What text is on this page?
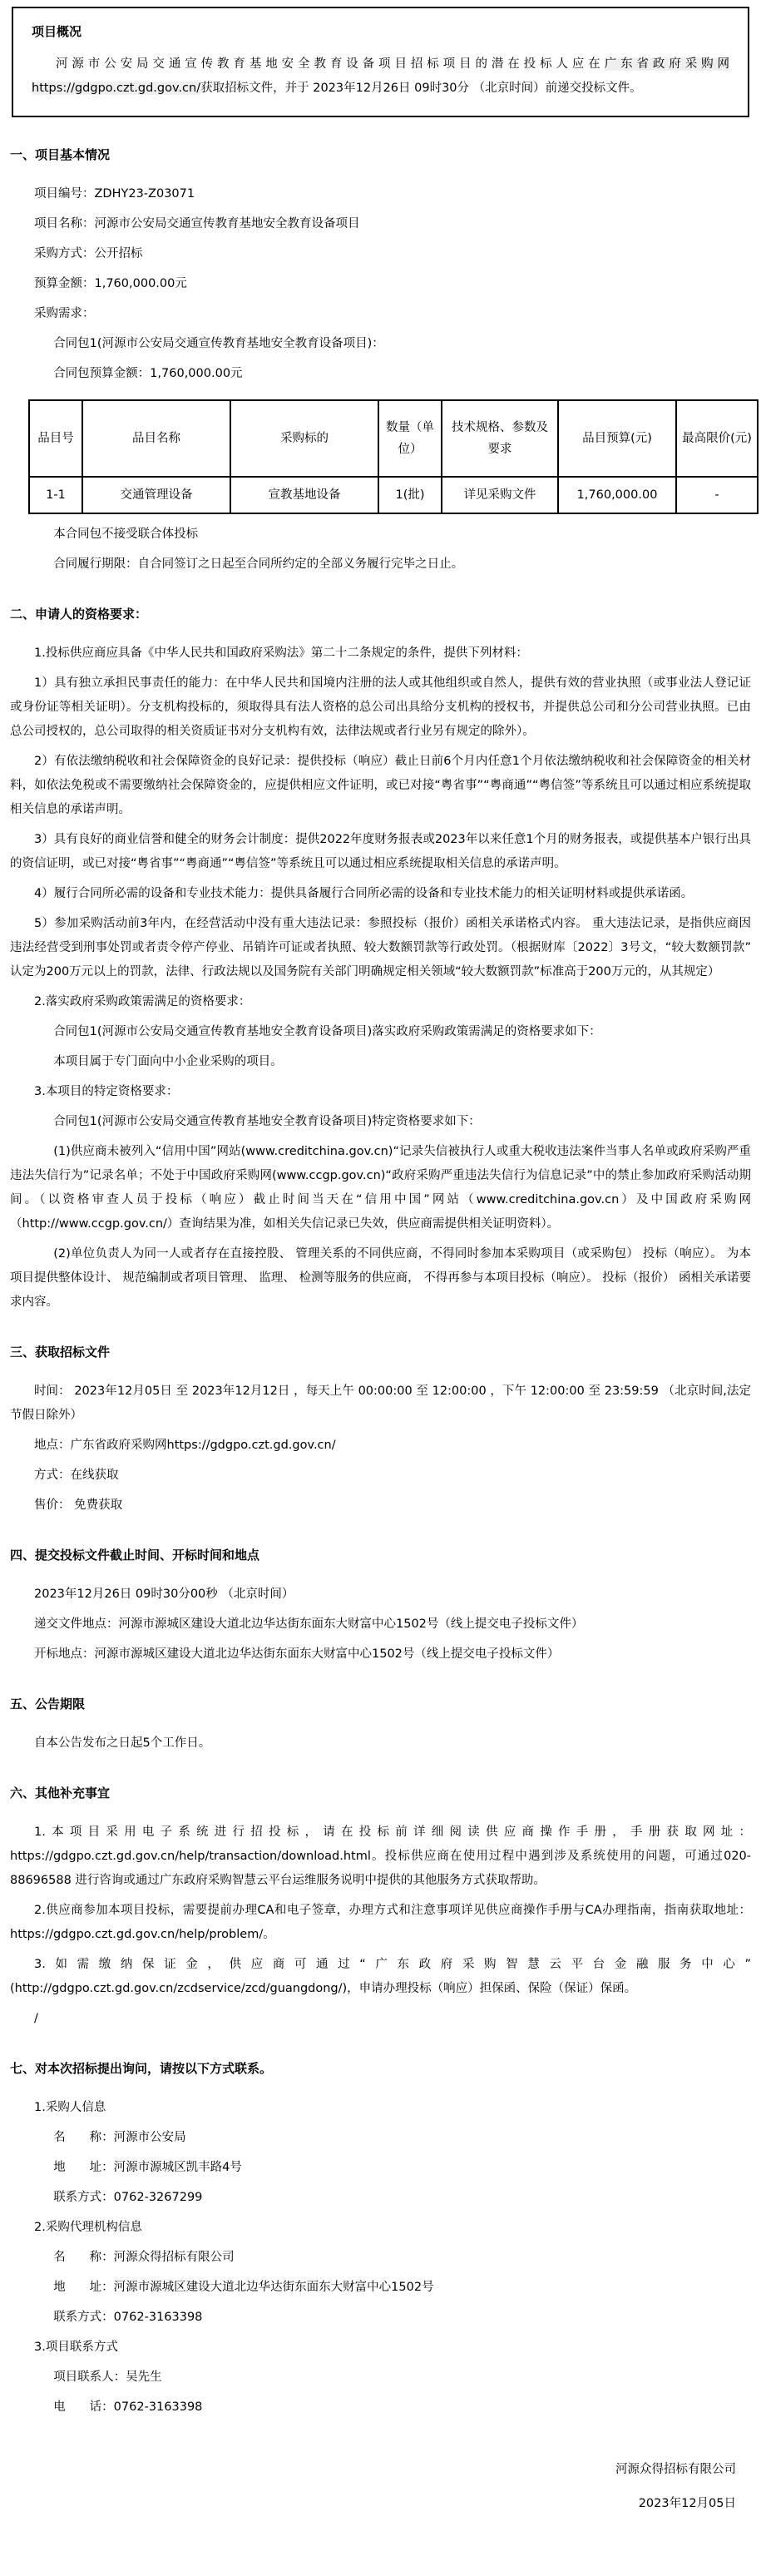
项目概况

河源市公安局交通宣传教育基地安全教育设备项目招标项目的潜在投标人应在广东省政府采购网https://gdgpo.czt.gd.gov.cn/获取招标文件，并于 2023年12月26日 09时30分 （北京时间）前递交投标文件。

一、项目基本情况

项目编号：ZDHY23-Z03071

项目名称：河源市公安局交通宣传教育基地安全教育设备项目

采购方式：公开招标

预算金额：1,760,000.00元

采购需求：

合同包1(河源市公安局交通宣传教育基地安全教育设备项目)：

合同包预算金额：1,760,000.00元

品目号	品目名称	采购标的	数量（单位）	技术规格、参数及要求	品目预算(元)	最高限价(元)
1-1	交通管理设备	宣教基地设备	1(批)	详见采购文件	1,760,000.00	-

本合同包不接受联合体投标

合同履行期限：自合同签订之日起至合同所约定的全部义务履行完毕之日止。

二、申请人的资格要求：

1.投标供应商应具备《中华人民共和国政府采购法》第二十二条规定的条件，提供下列材料：

1）具有独立承担民事责任的能力：在中华人民共和国境内注册的法人或其他组织或自然人，提供有效的营业执照（或事业法人登记证或身份证等相关证明）。分支机构投标的，须取得具有法人资格的总公司出具给分支机构的授权书，并提供总公司和分公司营业执照。已由总公司授权的，总公司取得的相关资质证书对分支机构有效，法律法规或者行业另有规定的除外）。

2）有依法缴纳税收和社会保障资金的良好记录：提供投标（响应）截止日前6个月内任意1个月依法缴纳税收和社会保障资金的相关材料，如依法免税或不需要缴纳社会保障资金的，应提供相应文件证明，或已对接“粤省事”“粤商通”“粤信签”等系统且可以通过相应系统提取相关信息的承诺声明。

3）具有良好的商业信誉和健全的财务会计制度：提供2022年度财务报表或2023年以来任意1个月的财务报表，或提供基本户银行出具的资信证明，或已对接“粤省事”“粤商通”“粤信签”等系统且可以通过相应系统提取相关信息的承诺声明。

4）履行合同所必需的设备和专业技术能力：提供具备履行合同所必需的设备和专业技术能力的相关证明材料或提供承诺函。

5）参加采购活动前3年内，在经营活动中没有重大违法记录：参照投标（报价）函相关承诺格式内容。 重大违法记录，是指供应商因违法经营受到刑事处罚或者责令停产停业、吊销许可证或者执照、较大数额罚款等行政处罚。（根据财库〔2022〕3号文，“较大数额罚款”认定为200万元以上的罚款，法律、行政法规以及国务院有关部门明确规定相关领域“较大数额罚款”标准高于200万元的，从其规定）

2.落实政府采购政策需满足的资格要求：

合同包1(河源市公安局交通宣传教育基地安全教育设备项目)落实政府采购政策需满足的资格要求如下：

本项目属于专门面向中小企业采购的项目。

3.本项目的特定资格要求：

合同包1(河源市公安局交通宣传教育基地安全教育设备项目)特定资格要求如下：

(1)供应商未被列入“信用中国”网站(www.creditchina.gov.cn)“记录失信被执行人或重大税收违法案件当事人名单或政府采购严重违法失信行为”记录名单；不处于中国政府采购网(www.ccgp.gov.cn)“政府采购严重违法失信行为信息记录”中的禁止参加政府采购活动期间。（以资格审查人员于投标（响应）截止时间当天在“信用中国”网站（www.creditchina.gov.cn）及中国政府采购网（http://www.ccgp.gov.cn/）查询结果为准，如相关失信记录已失效，供应商需提供相关证明资料）。

(2)单位负责人为同一人或者存在直接控股、 管理关系的不同供应商，不得同时参加本采购项目（或采购包） 投标（响应）。 为本项目提供整体设计、 规范编制或者项目管理、 监理、 检测等服务的供应商， 不得再参与本项目投标（响应）。 投标（报价） 函相关承诺要求内容。

三、获取招标文件

时间： 2023年12月05日 至 2023年12月12日 ，每天上午 00:00:00 至 12:00:00 ，下午 12:00:00 至 23:59:59 （北京时间,法定节假日除外）

地点：广东省政府采购网https://gdgpo.czt.gd.gov.cn/

方式：在线获取

售价： 免费获取

四、提交投标文件截止时间、开标时间和地点

2023年12月26日 09时30分00秒 （北京时间）

递交文件地点：河源市源城区建设大道北边华达街东面东大财富中心1502号（线上提交电子投标文件）

开标地点：河源市源城区建设大道北边华达街东面东大财富中心1502号（线上提交电子投标文件）

五、公告期限

自本公告发布之日起5个工作日。

六、其他补充事宜

1.本项目采用电子系统进行招投标，请在投标前详细阅读供应商操作手册，手册获取网址：https://gdgpo.czt.gd.gov.cn/help/transaction/download.html。投标供应商在使用过程中遇到涉及系统使用的问题，可通过020-88696588 进行咨询或通过广东政府采购智慧云平台运维服务说明中提供的其他服务方式获取帮助。

2.供应商参加本项目投标，需要提前办理CA和电子签章，办理方式和注意事项详见供应商操作手册与CA办理指南，指南获取地址：https://gdgpo.czt.gd.gov.cn/help/problem/。

3.如需缴纳保证金，供应商可通过“广东政府采购智慧云平台金融服务中心”(http://gdgpo.czt.gd.gov.cn/zcdservice/zcd/guangdong/)，申请办理投标（响应）担保函、保险（保证）保函。

/

七、对本次招标提出询问，请按以下方式联系。

1.采购人信息

名　　称：河源市公安局

地　　址：河源市源城区凯丰路4号

联系方式：0762-3267299

2.采购代理机构信息

名　　称：河源众得招标有限公司

地　　址：河源市源城区建设大道北边华达街东面东大财富中心1502号

联系方式：0762-3163398

3.项目联系方式

项目联系人：吴先生

电　　话：0762-3163398

河源众得招标有限公司

2023年12月05日
